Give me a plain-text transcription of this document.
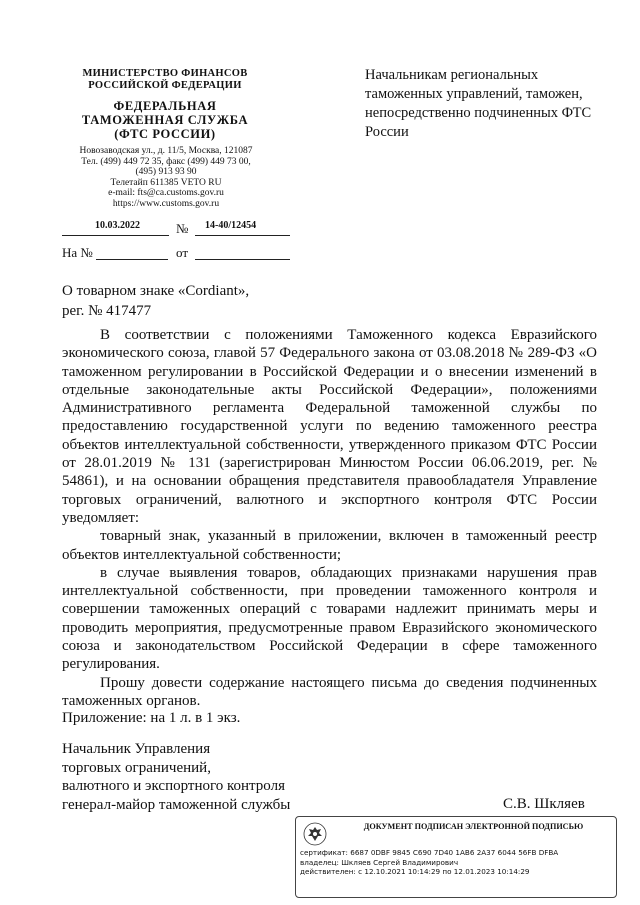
МИНИСТЕРСТВО ФИНАНСОВ
РОССИЙСКОЙ ФЕДЕРАЦИИ
ФЕДЕРАЛЬНАЯ
ТАМОЖЕННАЯ СЛУЖБА
(ФТС РОССИИ)
Новозаводская ул., д. 11/5, Москва, 121087
Тел. (499) 449 72 35, факс (499) 449 73 00,
(495) 913 93 90
Телетайп 611385 VETO RU
e-mail: fts@ca.customs.gov.ru
https://www.customs.gov.ru
10.03.2022	№ 14-40/12454
На №	от
Начальникам региональных таможенных управлений, таможен, непосредственно подчиненных ФТС России
О товарном знаке «Cordiant»,
рег. № 417477

В соответствии с положениями Таможенного кодекса Евразийского экономического союза, главой 57 Федерального закона от 03.08.2018 № 289-ФЗ «О таможенном регулировании в Российской Федерации и о внесении изменений в отдельные законодательные акты Российской Федерации», положениями Административного регламента Федеральной таможенной службы по предоставлению государственной услуги по ведению таможенного реестра объектов интеллектуальной собственности, утвержденного приказом ФТС России от 28.01.2019 № 131 (зарегистрирован Минюстом России 06.06.2019, рег. № 54861), и на основании обращения представителя правообладателя Управление торговых ограничений, валютного и экспортного контроля ФТС России уведомляет:

товарный знак, указанный в приложении, включен в таможенный реестр объектов интеллектуальной собственности;

в случае выявления товаров, обладающих признаками нарушения прав интеллектуальной собственности, при проведении таможенного контроля и совершении таможенных операций с товарами надлежит принимать меры и проводить мероприятия, предусмотренные правом Евразийского экономического союза и законодательством Российской Федерации в сфере таможенного регулирования.

Прошу довести содержание настоящего письма до сведения подчиненных таможенных органов.

Приложение: на 1 л. в 1 экз.
Начальник Управления
торговых ограничений,
валютного и экспортного контроля
генерал-майор таможенной службы	С.В. Шкляев
ДОКУМЕНТ ПОДПИСАН ЭЛЕКТРОННОЙ ПОДПИСЬЮ
сертификат: 6687 0DBF 9845 C690 7D40 1AB6 2A37 6044 56FB DFBA
владелец: Шкляев Сергей Владимирович
действителен: с 12.10.2021 10:14:29 по 12.01.2023 10:14:29
